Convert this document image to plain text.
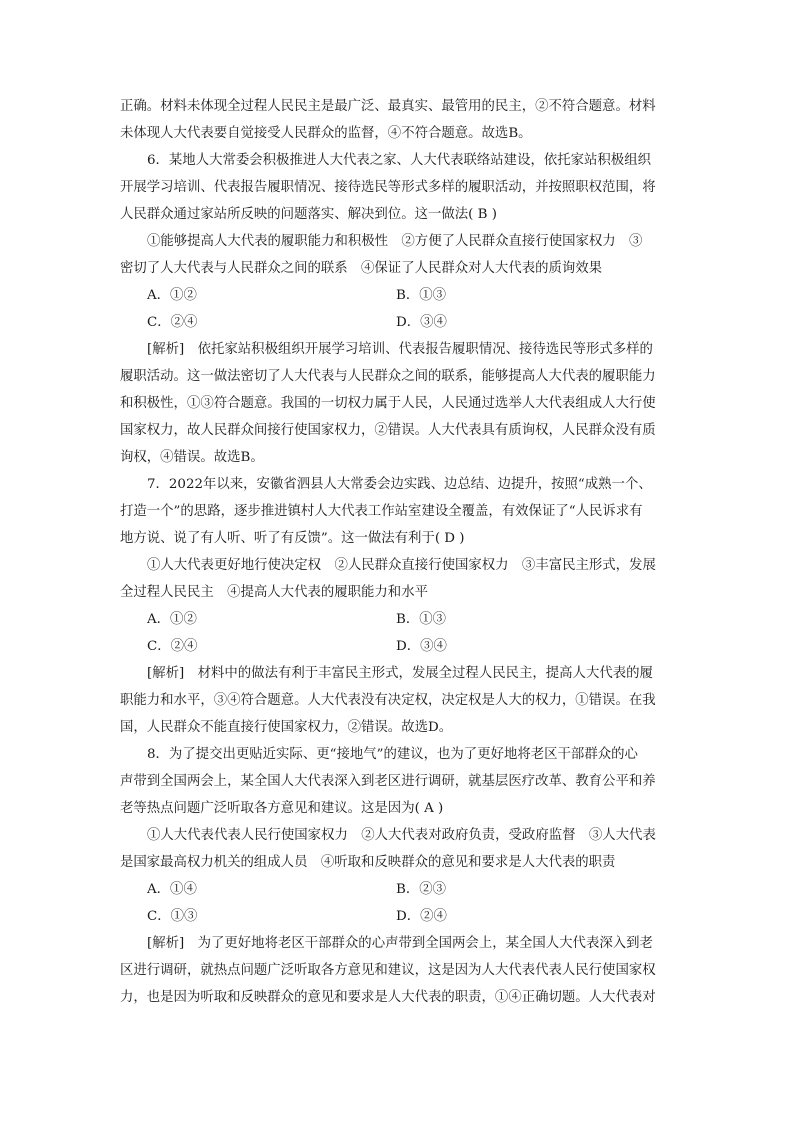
正确。材料未体现全过程人民民主是最广泛、最真实、最管用的民主，②不符合题意。材料
未体现人大代表要自觉接受人民群众的监督，④不符合题意。故选B。
6．某地人大常委会积极推进人大代表之家、人大代表联络站建设，依托家站积极组织
开展学习培训、代表报告履职情况、接待选民等形式多样的履职活动，并按照职权范围，将
人民群众通过家站所反映的问题落实、解决到位。这一做法( B )
①能够提高人大代表的履职能力和积极性　②方便了人民群众直接行使国家权力　③
密切了人大代表与人民群众之间的联系　④保证了人民群众对人大代表的质询效果
A．①②	B．①③
C．②④	D．③④
[解析]　依托家站积极组织开展学习培训、代表报告履职情况、接待选民等形式多样的
履职活动。这一做法密切了人大代表与人民群众之间的联系，能够提高人大代表的履职能力
和积极性，①③符合题意。我国的一切权力属于人民，人民通过选举人大代表组成人大行使
国家权力，故人民群众间接行使国家权力，②错误。人大代表具有质询权，人民群众没有质
询权，④错误。故选B。
7．2022年以来，安徽省泗县人大常委会边实践、边总结、边提升，按照“成熟一个、
打造一个”的思路，逐步推进镇村人大代表工作站室建设全覆盖，有效保证了“人民诉求有
地方说、说了有人听、听了有反馈”。这一做法有利于( D )
①人大代表更好地行使决定权　②人民群众直接行使国家权力　③丰富民主形式，发展
全过程人民民主　④提高人大代表的履职能力和水平
A．①②	B．①③
C．②④	D．③④
[解析]　材料中的做法有利于丰富民主形式，发展全过程人民民主，提高人大代表的履
职能力和水平，③④符合题意。人大代表没有决定权，决定权是人大的权力，①错误。在我
国，人民群众不能直接行使国家权力，②错误。故选D。
8．为了提交出更贴近实际、更“接地气”的建议，也为了更好地将老区干部群众的心
声带到全国两会上，某全国人大代表深入到老区进行调研，就基层医疗改革、教育公平和养
老等热点问题广泛听取各方意见和建议。这是因为( A )
①人大代表代表人民行使国家权力　②人大代表对政府负责，受政府监督　③人大代表
是国家最高权力机关的组成人员　④听取和反映群众的意见和要求是人大代表的职责
A．①④	B．②③
C．①③	D．②④
[解析]　为了更好地将老区干部群众的心声带到全国两会上，某全国人大代表深入到老
区进行调研，就热点问题广泛听取各方意见和建议，这是因为人大代表代表人民行使国家权
力，也是因为听取和反映群众的意见和要求是人大代表的职责，①④正确切题。人大代表对
